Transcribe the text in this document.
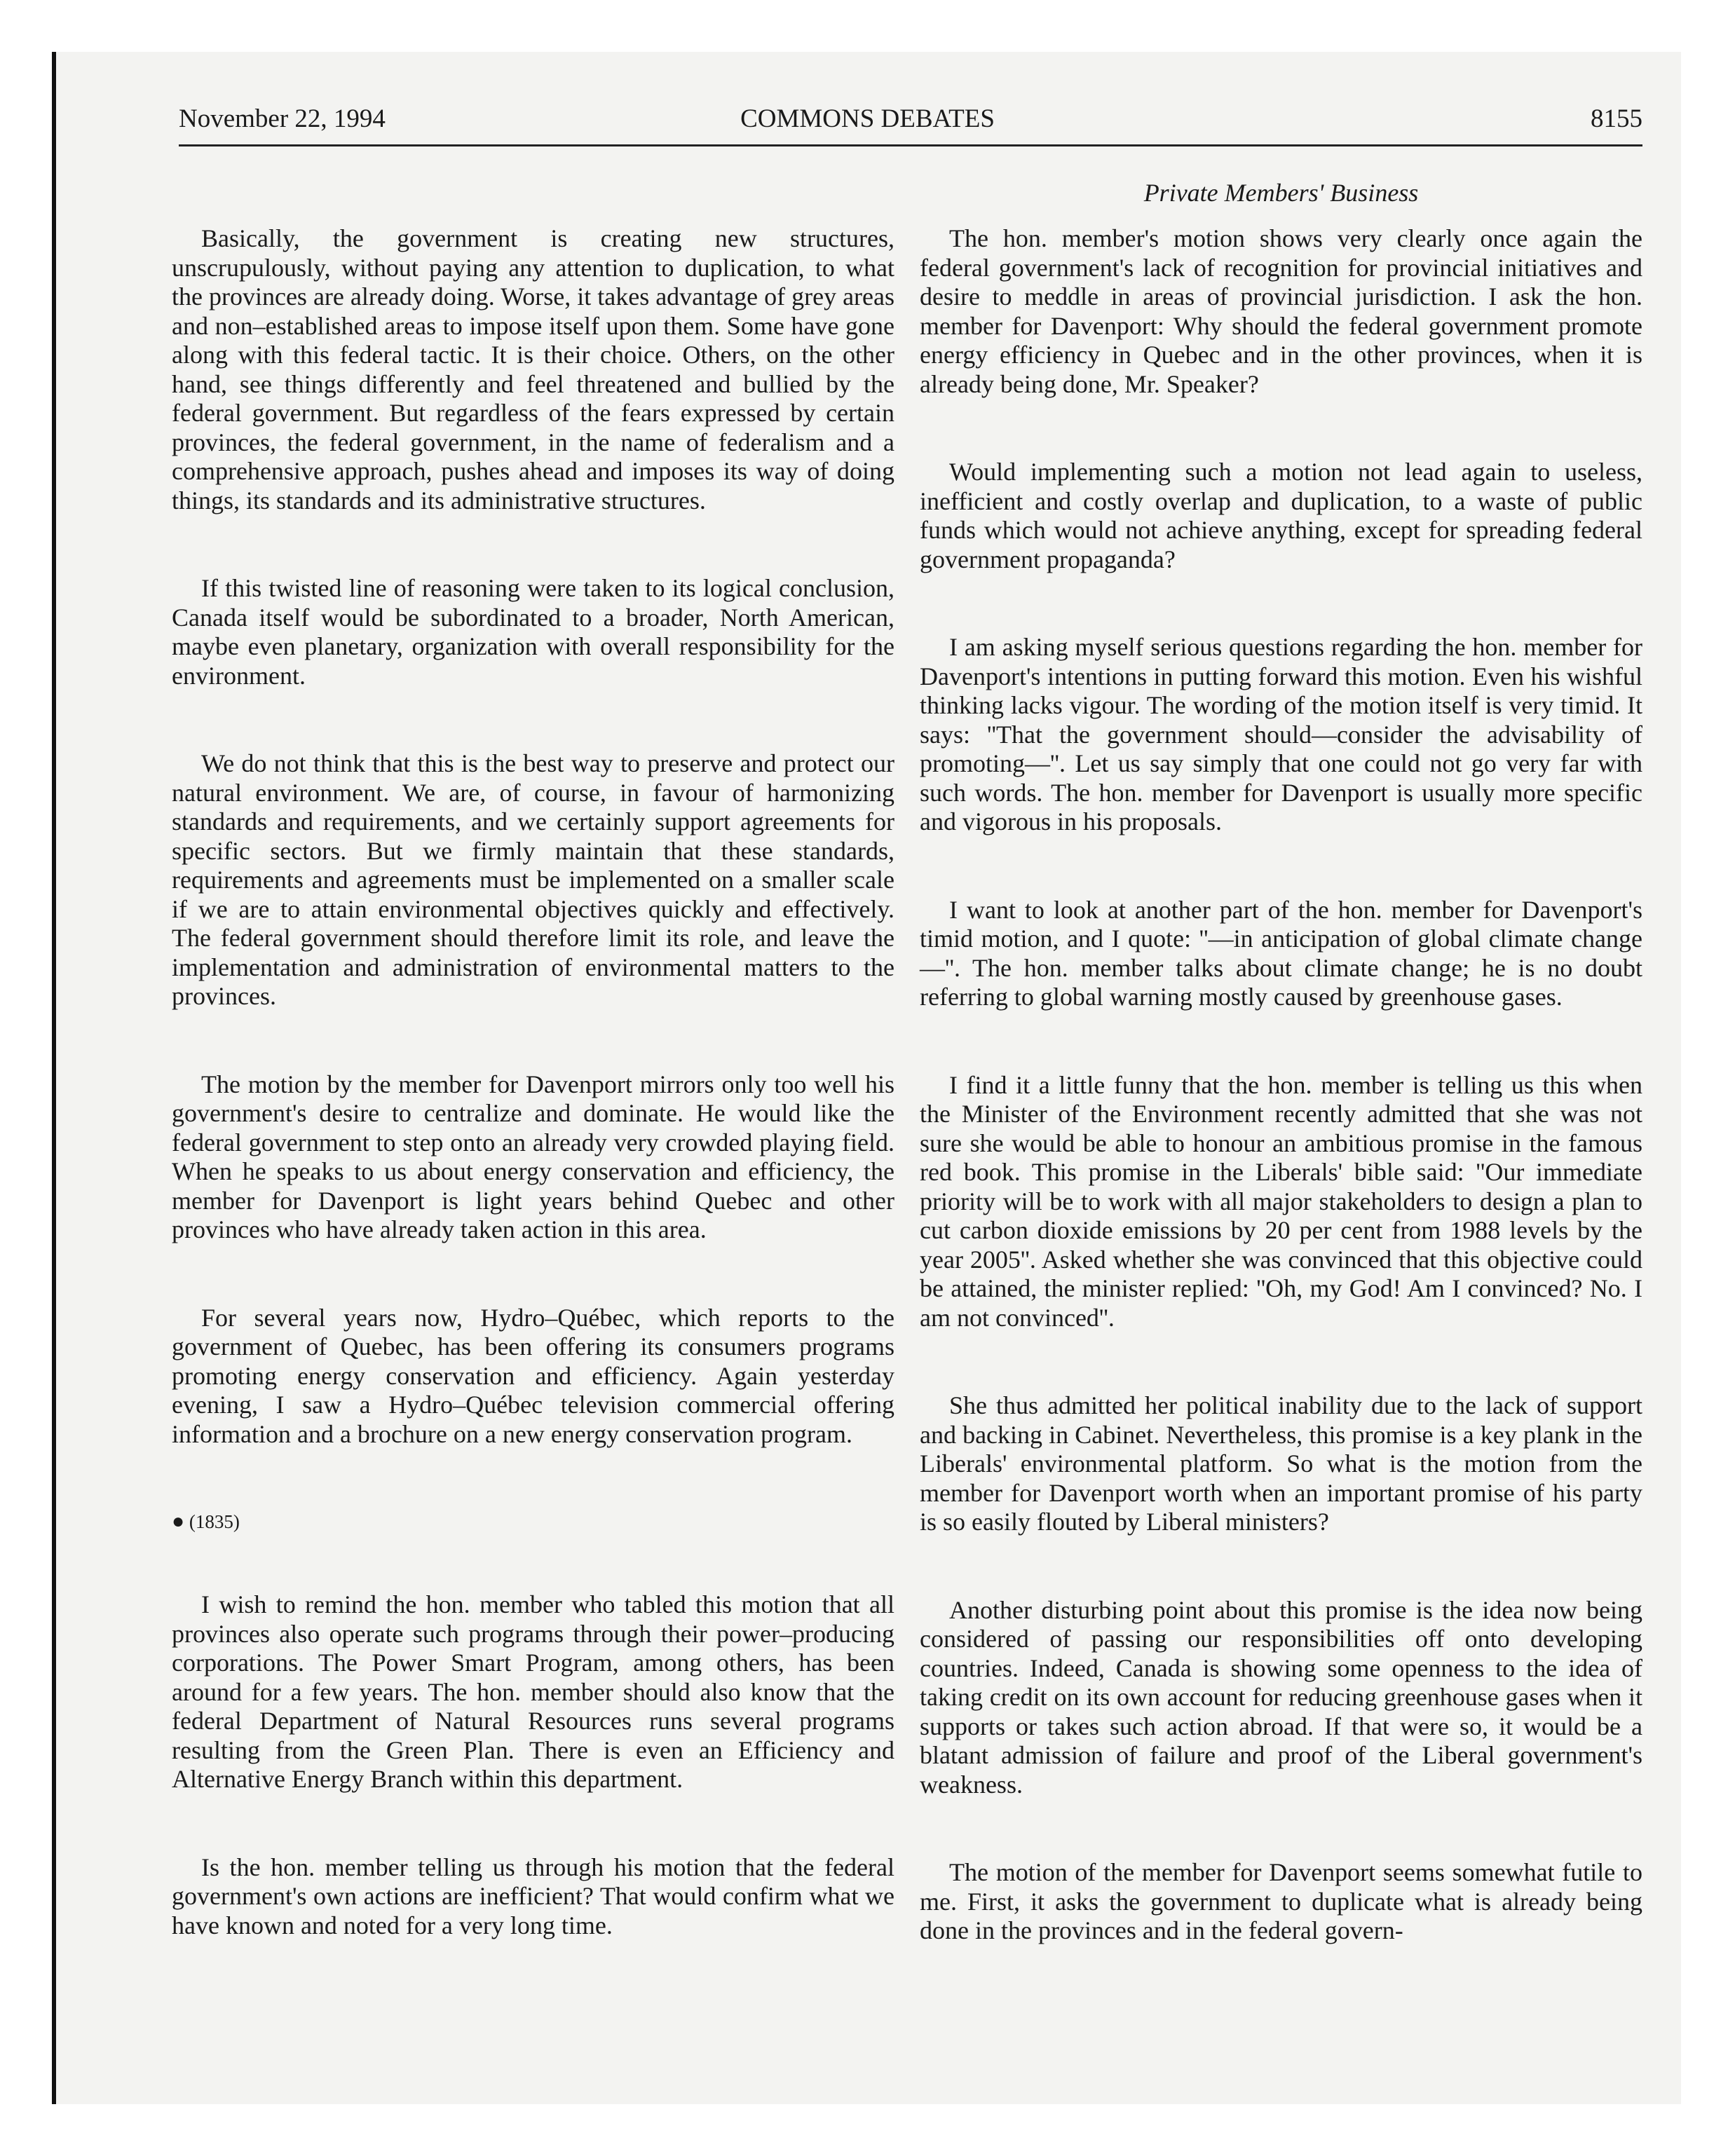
November 22, 1994	COMMONS DEBATES	8155
Private Members' Business

Basically, the government is creating new structures, unscrupulously, without paying any attention to duplication, to what the provinces are already doing. Worse, it takes advantage of grey areas and non–established areas to impose itself upon them. Some have gone along with this federal tactic. It is their choice. Others, on the other hand, see things differently and feel threatened and bullied by the federal government. But regardless of the fears expressed by certain provinces, the federal government, in the name of federalism and a comprehensive approach, pushes ahead and imposes its way of doing things, its standards and its administrative structures.

If this twisted line of reasoning were taken to its logical conclusion, Canada itself would be subordinated to a broader, North American, maybe even planetary, organization with overall responsibility for the environment.

We do not think that this is the best way to preserve and protect our natural environment. We are, of course, in favour of harmonizing standards and requirements, and we certainly support agreements for specific sectors. But we firmly maintain that these standards, requirements and agreements must be implemented on a smaller scale if we are to attain environmental objectives quickly and effectively. The federal government should therefore limit its role, and leave the implementation and administration of environmental matters to the provinces.

The motion by the member for Davenport mirrors only too well his government's desire to centralize and dominate. He would like the federal government to step onto an already very crowded playing field. When he speaks to us about energy conservation and efficiency, the member for Davenport is light years behind Quebec and other provinces who have already taken action in this area.

For several years now, Hydro–Québec, which reports to the government of Quebec, has been offering its consumers programs promoting energy conservation and efficiency. Again yesterday evening, I saw a Hydro–Québec television commercial offering information and a brochure on a new energy conservation program.

● (1835)

I wish to remind the hon. member who tabled this motion that all provinces also operate such programs through their power–producing corporations. The Power Smart Program, among others, has been around for a few years. The hon. member should also know that the federal Department of Natural Resources runs several programs resulting from the Green Plan. There is even an Efficiency and Alternative Energy Branch within this department.

Is the hon. member telling us through his motion that the federal government's own actions are inefficient? That would confirm what we have known and noted for a very long time.

The hon. member's motion shows very clearly once again the federal government's lack of recognition for provincial initiatives and desire to meddle in areas of provincial jurisdiction. I ask the hon. member for Davenport: Why should the federal government promote energy efficiency in Quebec and in the other provinces, when it is already being done, Mr. Speaker?

Would implementing such a motion not lead again to useless, inefficient and costly overlap and duplication, to a waste of public funds which would not achieve anything, except for spreading federal government propaganda?

I am asking myself serious questions regarding the hon. member for Davenport's intentions in putting forward this motion. Even his wishful thinking lacks vigour. The wording of the motion itself is very timid. It says: ''That the government should—consider the advisability of promoting—''. Let us say simply that one could not go very far with such words. The hon. member for Davenport is usually more specific and vigorous in his proposals.

I want to look at another part of the hon. member for Davenport's timid motion, and I quote: ''—in anticipation of global climate change—''. The hon. member talks about climate change; he is no doubt referring to global warning mostly caused by greenhouse gases.

I find it a little funny that the hon. member is telling us this when the Minister of the Environment recently admitted that she was not sure she would be able to honour an ambitious promise in the famous red book. This promise in the Liberals' bible said: ''Our immediate priority will be to work with all major stakeholders to design a plan to cut carbon dioxide emissions by 20 per cent from 1988 levels by the year 2005''. Asked whether she was convinced that this objective could be attained, the minister replied: ''Oh, my God! Am I convinced? No. I am not convinced''.

She thus admitted her political inability due to the lack of support and backing in Cabinet. Nevertheless, this promise is a key plank in the Liberals' environmental platform. So what is the motion from the member for Davenport worth when an important promise of his party is so easily flouted by Liberal ministers?

Another disturbing point about this promise is the idea now being considered of passing our responsibilities off onto developing countries. Indeed, Canada is showing some openness to the idea of taking credit on its own account for reducing greenhouse gases when it supports or takes such action abroad. If that were so, it would be a blatant admission of failure and proof of the Liberal government's weakness.

The motion of the member for Davenport seems somewhat futile to me. First, it asks the government to duplicate what is already being done in the provinces and in the federal govern-
